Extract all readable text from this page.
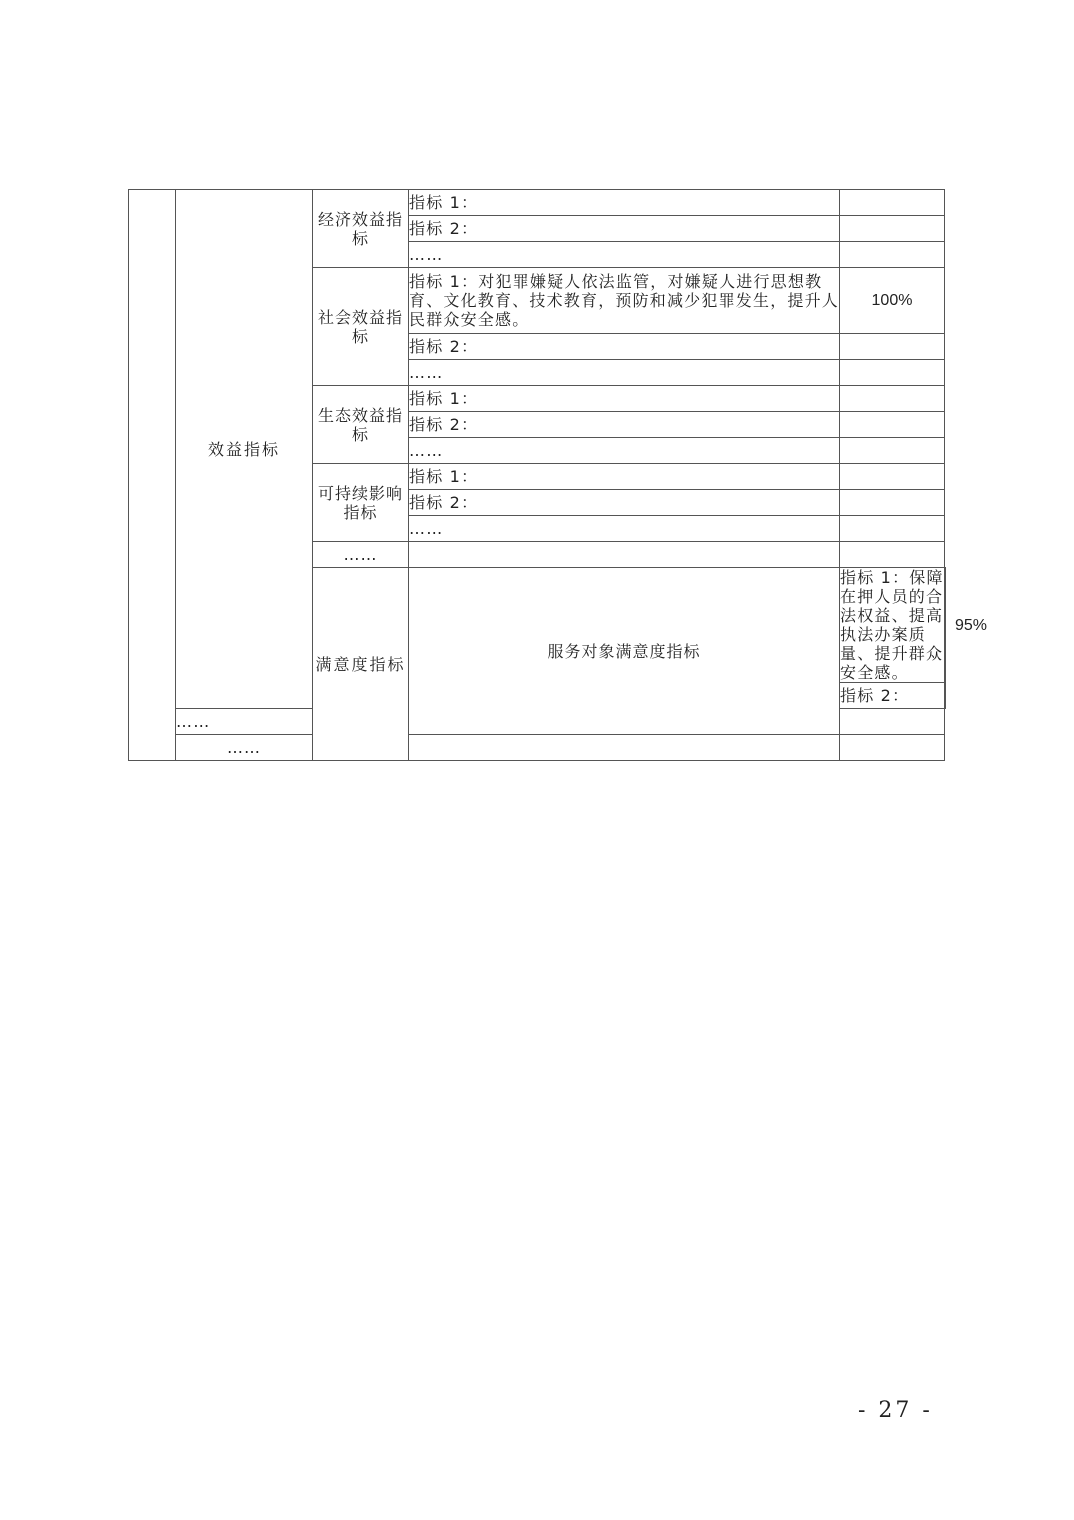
	效益指标	经济效益指标	指标 1：		
			指标 2：		
			……		
		社会效益指标	指标 1：对犯罪嫌疑人依法监管，对嫌疑人进行思想教育、文化教育、技术教育，预防和减少犯罪发生，提升人民群众安全感。	100%	
			指标 2：		
			……		
		生态效益指标	指标 1：		
			指标 2：		
			……		
		可持续影响指标	指标 1：		
			指标 2：		
			……		
		……			
		满意度指标	服务对象满意度指标	指标 1：保障在押人员的合法权益、提高执法办案质量、提升群众安全感。	95%
				指标 2：	
	……				
	……				
- 27 -
